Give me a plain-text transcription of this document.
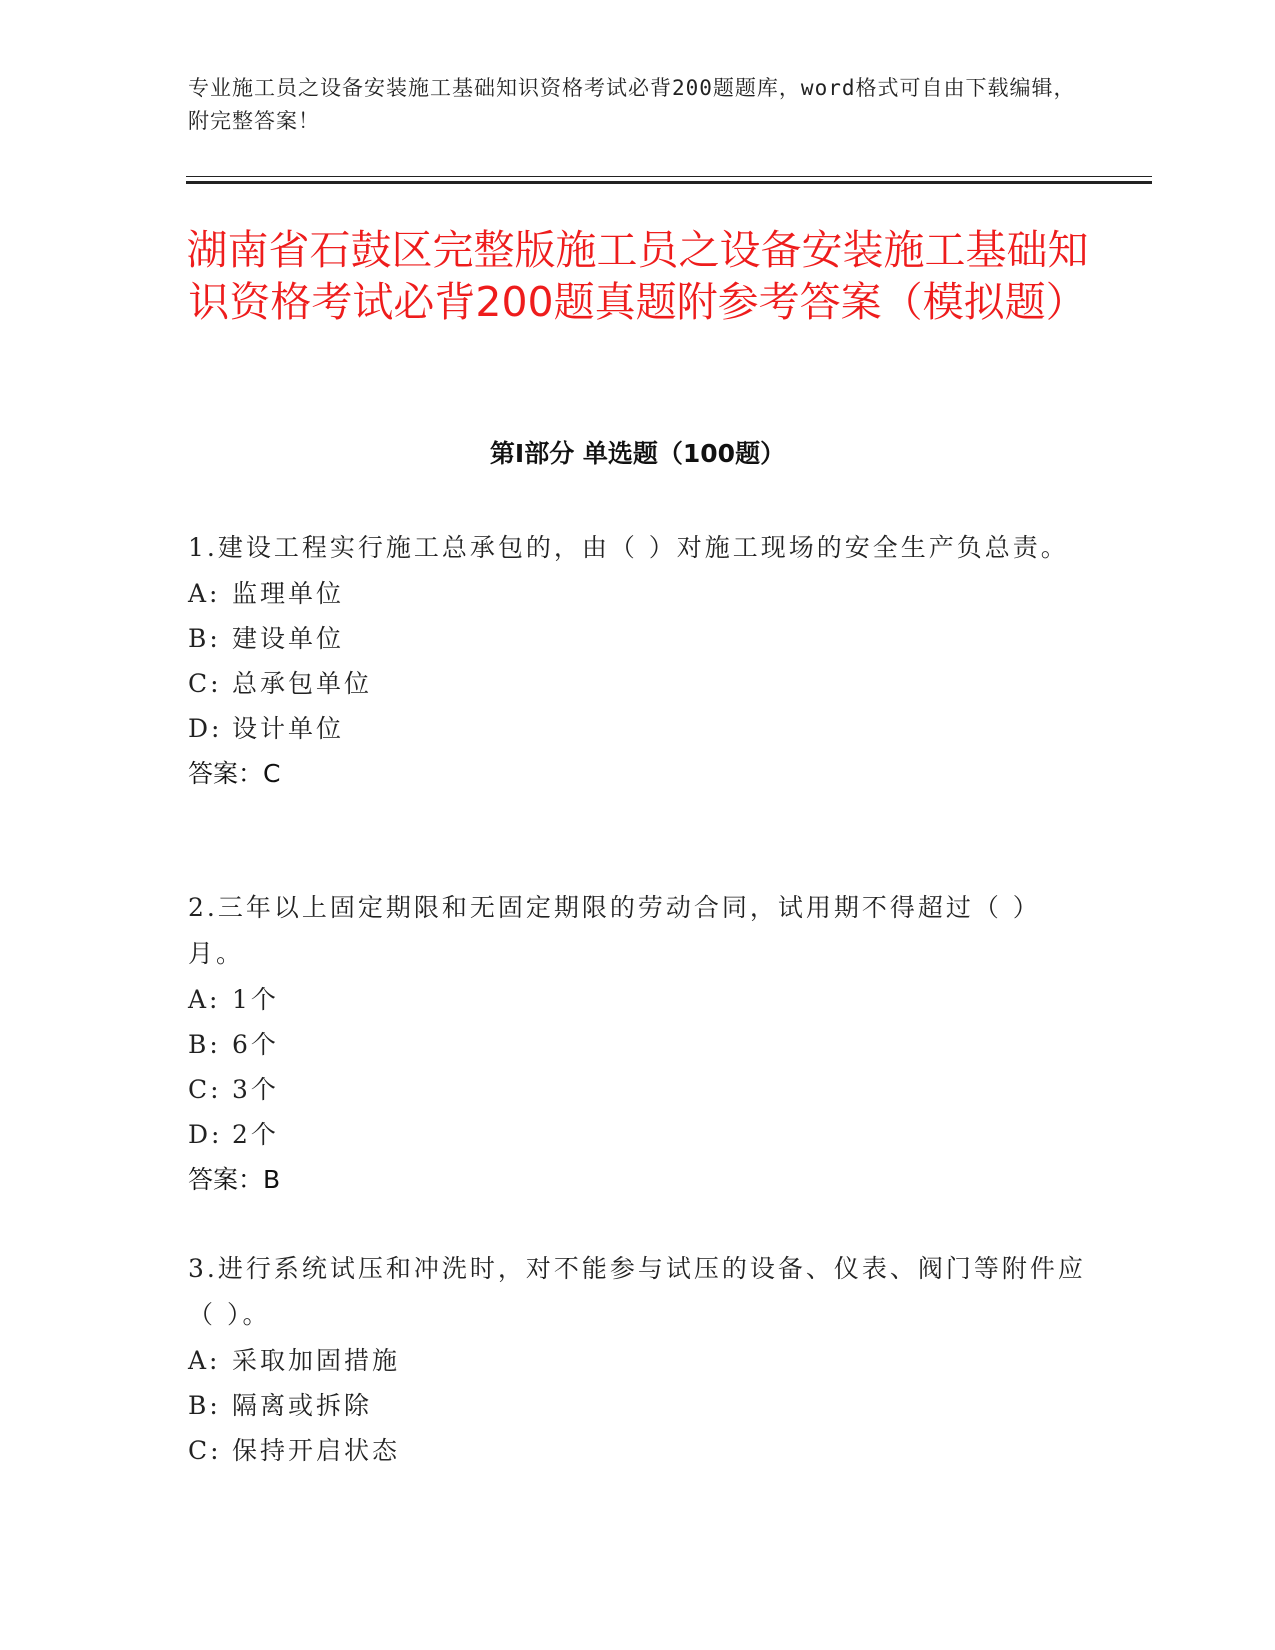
专业施工员之设备安装施工基础知识资格考试必背200题题库，word格式可自由下载编辑，附完整答案！
湖南省石鼓区完整版施工员之设备安装施工基础知识资格考试必背200题真题附参考答案（模拟题）
第Ⅰ部分 单选题（100题）

1.建设工程实行施工总承包的，由（ ）对施工现场的安全生产负总责。

A: 监理单位

B: 建设单位

C: 总承包单位

D: 设计单位

答案：C

2.三年以上固定期限和无固定期限的劳动合同，试用期不得超过（ ）月。

A: 1个

B: 6个

C: 3个

D: 2个

答案：B

3.进行系统试压和冲洗时，对不能参与试压的设备、仪表、阀门等附件应（ ）。

A: 采取加固措施

B: 隔离或拆除

C: 保持开启状态
